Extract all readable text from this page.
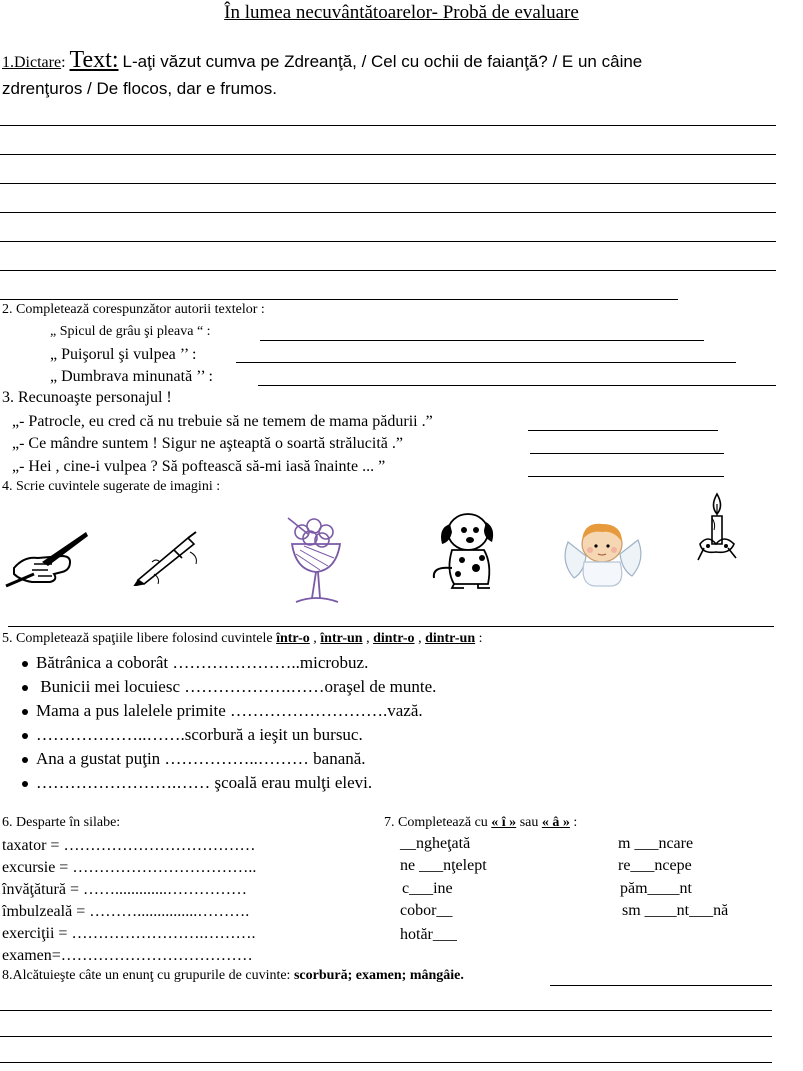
În lumea necuvântătoarelor- Probă de evaluare
1.Dictare: Text: L-aţi văzut cumva pe Zdreanţă, / Cel cu ochii de faianţă? / E un câine
zdrenţuros / De flocos, dar e frumos.
2. Completează corespunzător autorii textelor :
„ Spicul de grâu şi pleava “ :
„ Puişorul şi vulpea ’’ :
„ Dumbrava minunată ’’ :
3. Recunoaşte personajul !
„- Patrocle, eu cred că nu trebuie să ne temem de mama pădurii .”
„- Ce mândre suntem ! Sigur ne aşteaptă o soartă strălucită .”
„- Hei , cine-i vulpea ? Să poftească să-mi iasă înainte ... ”
4. Scrie cuvintele sugerate de imagini :
5. Completează spaţiile libere folosind cuvintele într-o , într-un , dintr-o , dintr-un :
Bătrânica a coborât …………………..microbuz.
Bunicii mei locuiesc ……………….……oraşel de munte.
Mama a pus lalelele primite ……………………….vază.
………………..…….scorbură a ieşit un bursuc.
Ana a gustat puţin ……………..……… banană.
…………………….…… şcoală erau mulţi elevi.
6. Desparte în silabe:
taxator = ………………………………
excursie = ……………………………..
învăţătură = …….............……………
îmbulzeală = ………...............……….
exerciţii = …………………….……….
examen=………………………………
7. Completează cu « î » sau « â » :
__ngheţată
ne ___nţelept
c___ine
cobor__
hotăr___
m ___ncare
re___ncepe
păm____nt
sm ____nt___nă
8.Alcătuieşte câte un enunţ cu grupurile de cuvinte: scorbură; examen; mângâie.
